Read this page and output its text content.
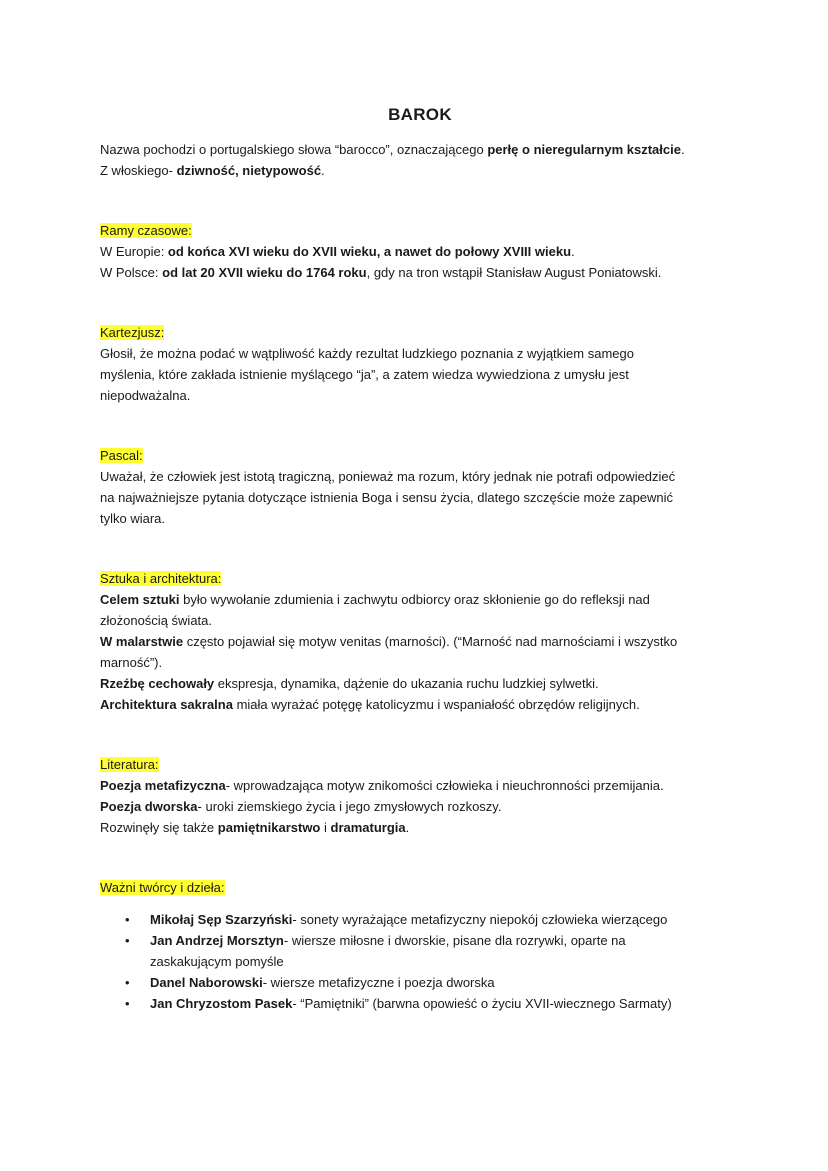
BAROK
Nazwa pochodzi o portugalskiego słowa “barocco”, oznaczającego perłę o nieregularnym kształcie.
Z włoskiego- dziwność, nietypowość.
Ramy czasowe:
W Europie: od końca XVI wieku do XVII wieku, a nawet do połowy XVIII wieku.
W Polsce: od lat 20 XVII wieku do 1764 roku, gdy na tron wstąpił Stanisław August Poniatowski.
Kartezjusz:
Głosił, że można podać w wątpliwość każdy rezultat ludzkiego poznania z wyjątkiem samego
myślenia, które zakłada istnienie myślącego “ja”, a zatem wiedza wywiedziona z umysłu jest
niepodważalna.
Pascal:
Uważał, że człowiek jest istotą tragiczną, ponieważ ma rozum, który jednak nie potrafi odpowiedzieć
na najważniejsze pytania dotyczące istnienia Boga i sensu życia, dlatego szczęście może zapewnić
tylko wiara.
Sztuka i architektura:
Celem sztuki było wywołanie zdumienia i zachwytu odbiorcy oraz skłonienie go do refleksji nad
złożonością świata.
W malarstwie często pojawiał się motyw venitas (marności). (“Marność nad marnościami i wszystko
marność”).
Rzeźbę cechowały ekspresja, dynamika, dążenie do ukazania ruchu ludzkiej sylwetki.
Architektura sakralna miała wyrażać potęgę katolicyzmu i wspaniałość obrzędów religijnych.
Literatura:
Poezja metafizyczna- wprowadzająca motyw znikomości człowieka i nieuchronności przemijania.
Poezja dworska- uroki ziemskiego życia i jego zmysłowych rozkoszy.
Rozwinęły się także pamiętnikarstwo i dramaturgia.
Ważni twórcy i dzieła:
• Mikołaj Sęp Szarzyński- sonety wyrażające metafizyczny niepokój człowieka wierzącego
• Jan Andrzej Morsztyn- wiersze miłosne i dworskie, pisane dla rozrywki, oparte na
zaskakującym pomyśle
• Danel Naborowski- wiersze metafizyczne i poezja dworska
• Jan Chryzostom Pasek- “Pamiętniki” (barwna opowieść o życiu XVII-wiecznego Sarmaty)
